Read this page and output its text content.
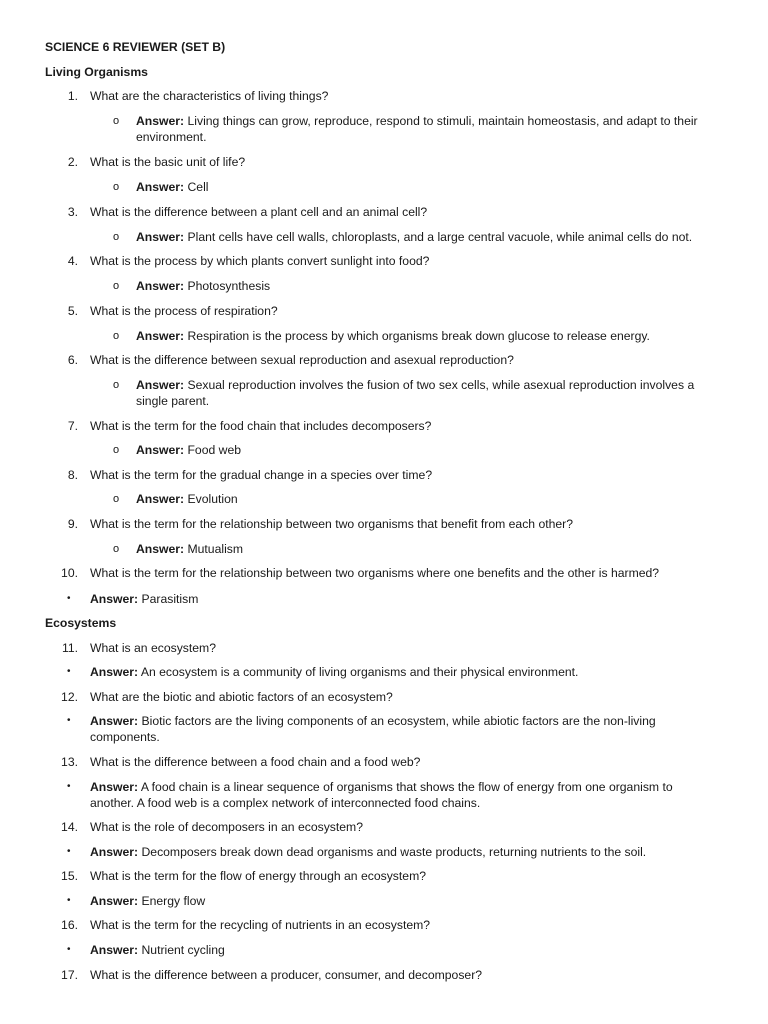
SCIENCE 6 REVIEWER (SET B)
Living Organisms
1. What are the characteristics of living things?
o Answer: Living things can grow, reproduce, respond to stimuli, maintain homeostasis, and adapt to their environment.
2. What is the basic unit of life?
o Answer: Cell
3. What is the difference between a plant cell and an animal cell?
o Answer: Plant cells have cell walls, chloroplasts, and a large central vacuole, while animal cells do not.
4. What is the process by which plants convert sunlight into food?
o Answer: Photosynthesis
5. What is the process of respiration?
o Answer: Respiration is the process by which organisms break down glucose to release energy.
6. What is the difference between sexual reproduction and asexual reproduction?
o Answer: Sexual reproduction involves the fusion of two sex cells, while asexual reproduction involves a single parent.
7. What is the term for the food chain that includes decomposers?
o Answer: Food web
8. What is the term for the gradual change in a species over time?
o Answer: Evolution
9. What is the term for the relationship between two organisms that benefit from each other?
o Answer: Mutualism
10. What is the term for the relationship between two organisms where one benefits and the other is harmed?
• Answer: Parasitism
Ecosystems
11. What is an ecosystem?
• Answer: An ecosystem is a community of living organisms and their physical environment.
12. What are the biotic and abiotic factors of an ecosystem?
• Answer: Biotic factors are the living components of an ecosystem, while abiotic factors are the non-living components.
13. What is the difference between a food chain and a food web?
• Answer: A food chain is a linear sequence of organisms that shows the flow of energy from one organism to another. A food web is a complex network of interconnected food chains.
14. What is the role of decomposers in an ecosystem?
• Answer: Decomposers break down dead organisms and waste products, returning nutrients to the soil.
15. What is the term for the flow of energy through an ecosystem?
• Answer: Energy flow
16. What is the term for the recycling of nutrients in an ecosystem?
• Answer: Nutrient cycling
17. What is the difference between a producer, consumer, and decomposer?
